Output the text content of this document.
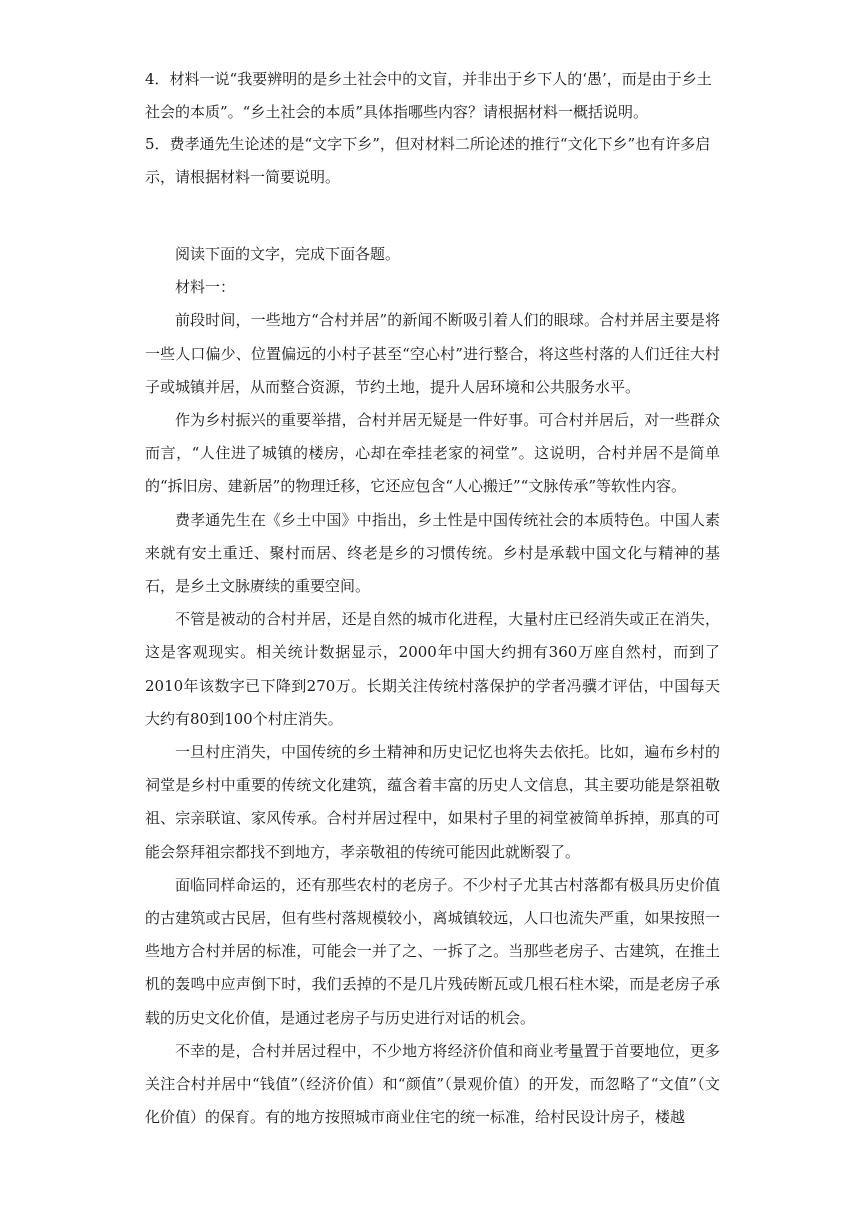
4．材料一说“我要辨明的是乡土社会中的文盲，并非出于乡下人的‘愚’，而是由于乡土社会的本质”。“乡土社会的本质”具体指哪些内容？请根据材料一概括说明。

5．费孝通先生论述的是“文字下乡”，但对材料二所论述的推行“文化下乡”也有许多启示，请根据材料一简要说明。

阅读下面的文字，完成下面各题。

材料一：

前段时间，一些地方“合村并居”的新闻不断吸引着人们的眼球。合村并居主要是将一些人口偏少、位置偏远的小村子甚至“空心村”进行整合，将这些村落的人们迁往大村子或城镇并居，从而整合资源，节约土地，提升人居环境和公共服务水平。

作为乡村振兴的重要举措，合村并居无疑是一件好事。可合村并居后，对一些群众而言，“人住进了城镇的楼房，心却在牵挂老家的祠堂”。这说明，合村并居不是简单的“拆旧房、建新居”的物理迁移，它还应包含“人心搬迁”“文脉传承”等软性内容。

费孝通先生在《乡土中国》中指出，乡土性是中国传统社会的本质特色。中国人素来就有安土重迁、聚村而居、终老是乡的习惯传统。乡村是承载中国文化与精神的基石，是乡土文脉赓续的重要空间。

不管是被动的合村并居，还是自然的城市化进程，大量村庄已经消失或正在消失，这是客观现实。相关统计数据显示，2000年中国大约拥有360万座自然村，而到了2010年该数字已下降到270万。长期关注传统村落保护的学者冯骥才评估，中国每天大约有80到100个村庄消失。

一旦村庄消失，中国传统的乡土精神和历史记忆也将失去依托。比如，遍布乡村的祠堂是乡村中重要的传统文化建筑，蕴含着丰富的历史人文信息，其主要功能是祭祖敬祖、宗亲联谊、家风传承。合村并居过程中，如果村子里的祠堂被简单拆掉，那真的可能会祭拜祖宗都找不到地方，孝亲敬祖的传统可能因此就断裂了。

面临同样命运的，还有那些农村的老房子。不少村子尤其古村落都有极具历史价值的古建筑或古民居，但有些村落规模较小，离城镇较远，人口也流失严重，如果按照一些地方合村并居的标准，可能会一并了之、一拆了之。当那些老房子、古建筑，在推土机的轰鸣中应声倒下时，我们丢掉的不是几片残砖断瓦或几根石柱木梁，而是老房子承载的历史文化价值，是通过老房子与历史进行对话的机会。

不幸的是，合村并居过程中，不少地方将经济价值和商业考量置于首要地位，更多关注合村并居中“钱值”（经济价值）和“颜值”（景观价值）的开发，而忽略了“文值”（文化价值）的保育。有的地方按照城市商业住宅的统一标准，给村民设计房子，楼越
